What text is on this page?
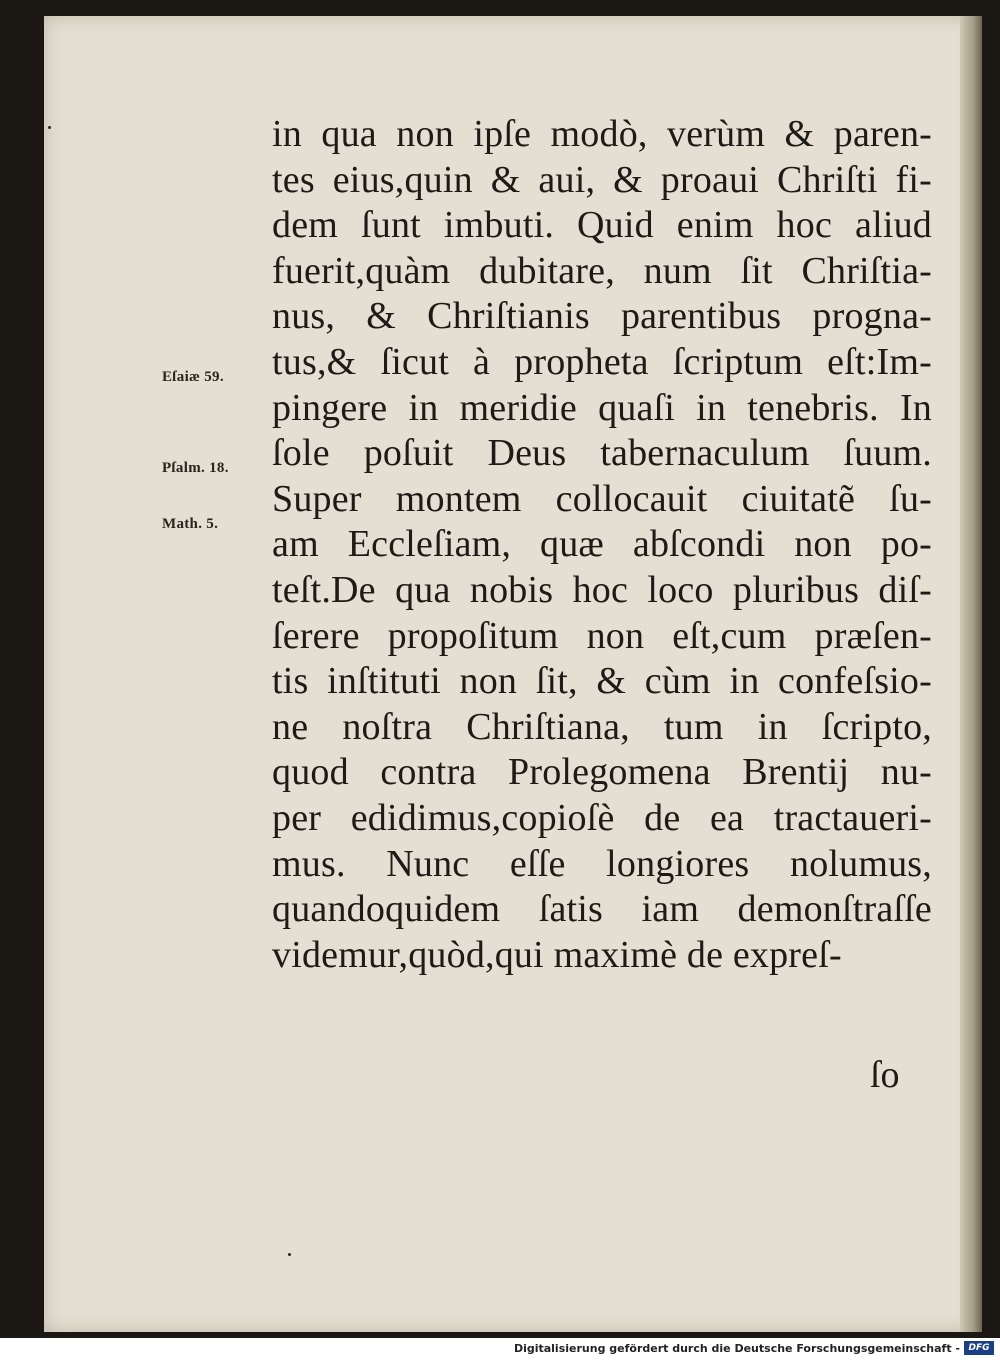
Eſaiæ 59.
Pſalm. 18.
Math. 5.
in qua non ipſe modò, verùm & paren-
tes eius,quin & aui, & proaui Chriſti fi-
dem ſunt imbuti. Quid enim hoc aliud
fuerit,quàm dubitare, num ſit Chriſtia-
nus, & Chriſtianis parentibus progna-
tus,& ſicut à propheta ſcriptum eſt:Im-
pingere in meridie quaſi in tenebris. In
ſole poſuit Deus tabernaculum ſuum.
Super montem collocauit ciuitatẽ ſu-
am Eccleſiam, quæ abſcondi non po-
teſt.De qua nobis hoc loco pluribus diſ-
ſerere propoſitum non eſt,cum præſen-
tis inſtituti non ſit, & cùm in confeſsio-
ne noſtra Chriſtiana, tum in ſcripto,
quod contra Prolegomena Brentij nu-
per edidimus,copioſè de ea tractaueri-
mus. Nunc eſſe longiores nolumus,
quandoquidem ſatis iam demonſtraſſe
videmur,quòd,qui maximè de expreſ-
ſo
Digitalisierung gefördert durch die Deutsche Forschungsgemeinschaft - DFG
